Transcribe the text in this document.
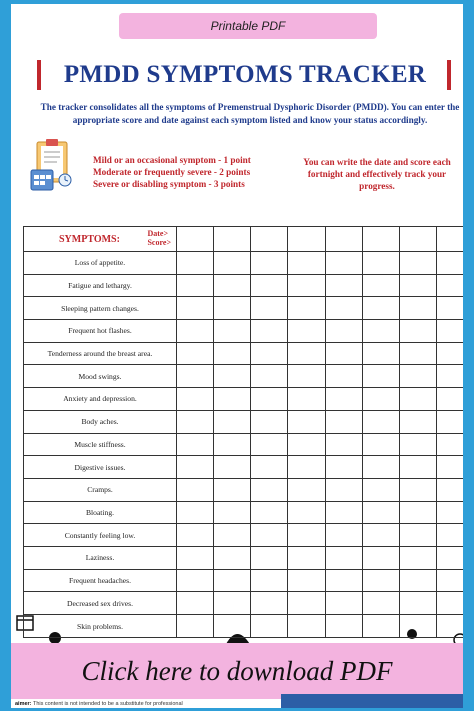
Printable PDF
PMDD SYMPTOMS TRACKER
The tracker consolidates all the symptoms of Premenstrual Dysphoric Disorder (PMDD). You can enter the appropriate score and date against each symptom listed and know your status accordingly.
Mild or an occasional symptom - 1 point
Moderate or frequently severe - 2 points
Severe or disabling symptom - 3 points
You can write the date and score each fortnight and effectively track your progress.
SYMPTOMS:
Date>
Score>								

Loss of appetite.								
Fatigue and lethargy.								
Sleeping pattern changes.								
Frequent hot flashes.								
Tenderness around the breast area.								
Mood swings.								
Anxiety and depression.								
Body aches.								
Muscle stiffness.								
Digestive issues.								
Cramps.								
Bloating.								
Constantly feeling low.								
Laziness.								
Frequent headaches.								
Decreased sex drives.								
Skin problems.								
Click here to download PDF
aimer: This content is not intended to be a substitute for professional
